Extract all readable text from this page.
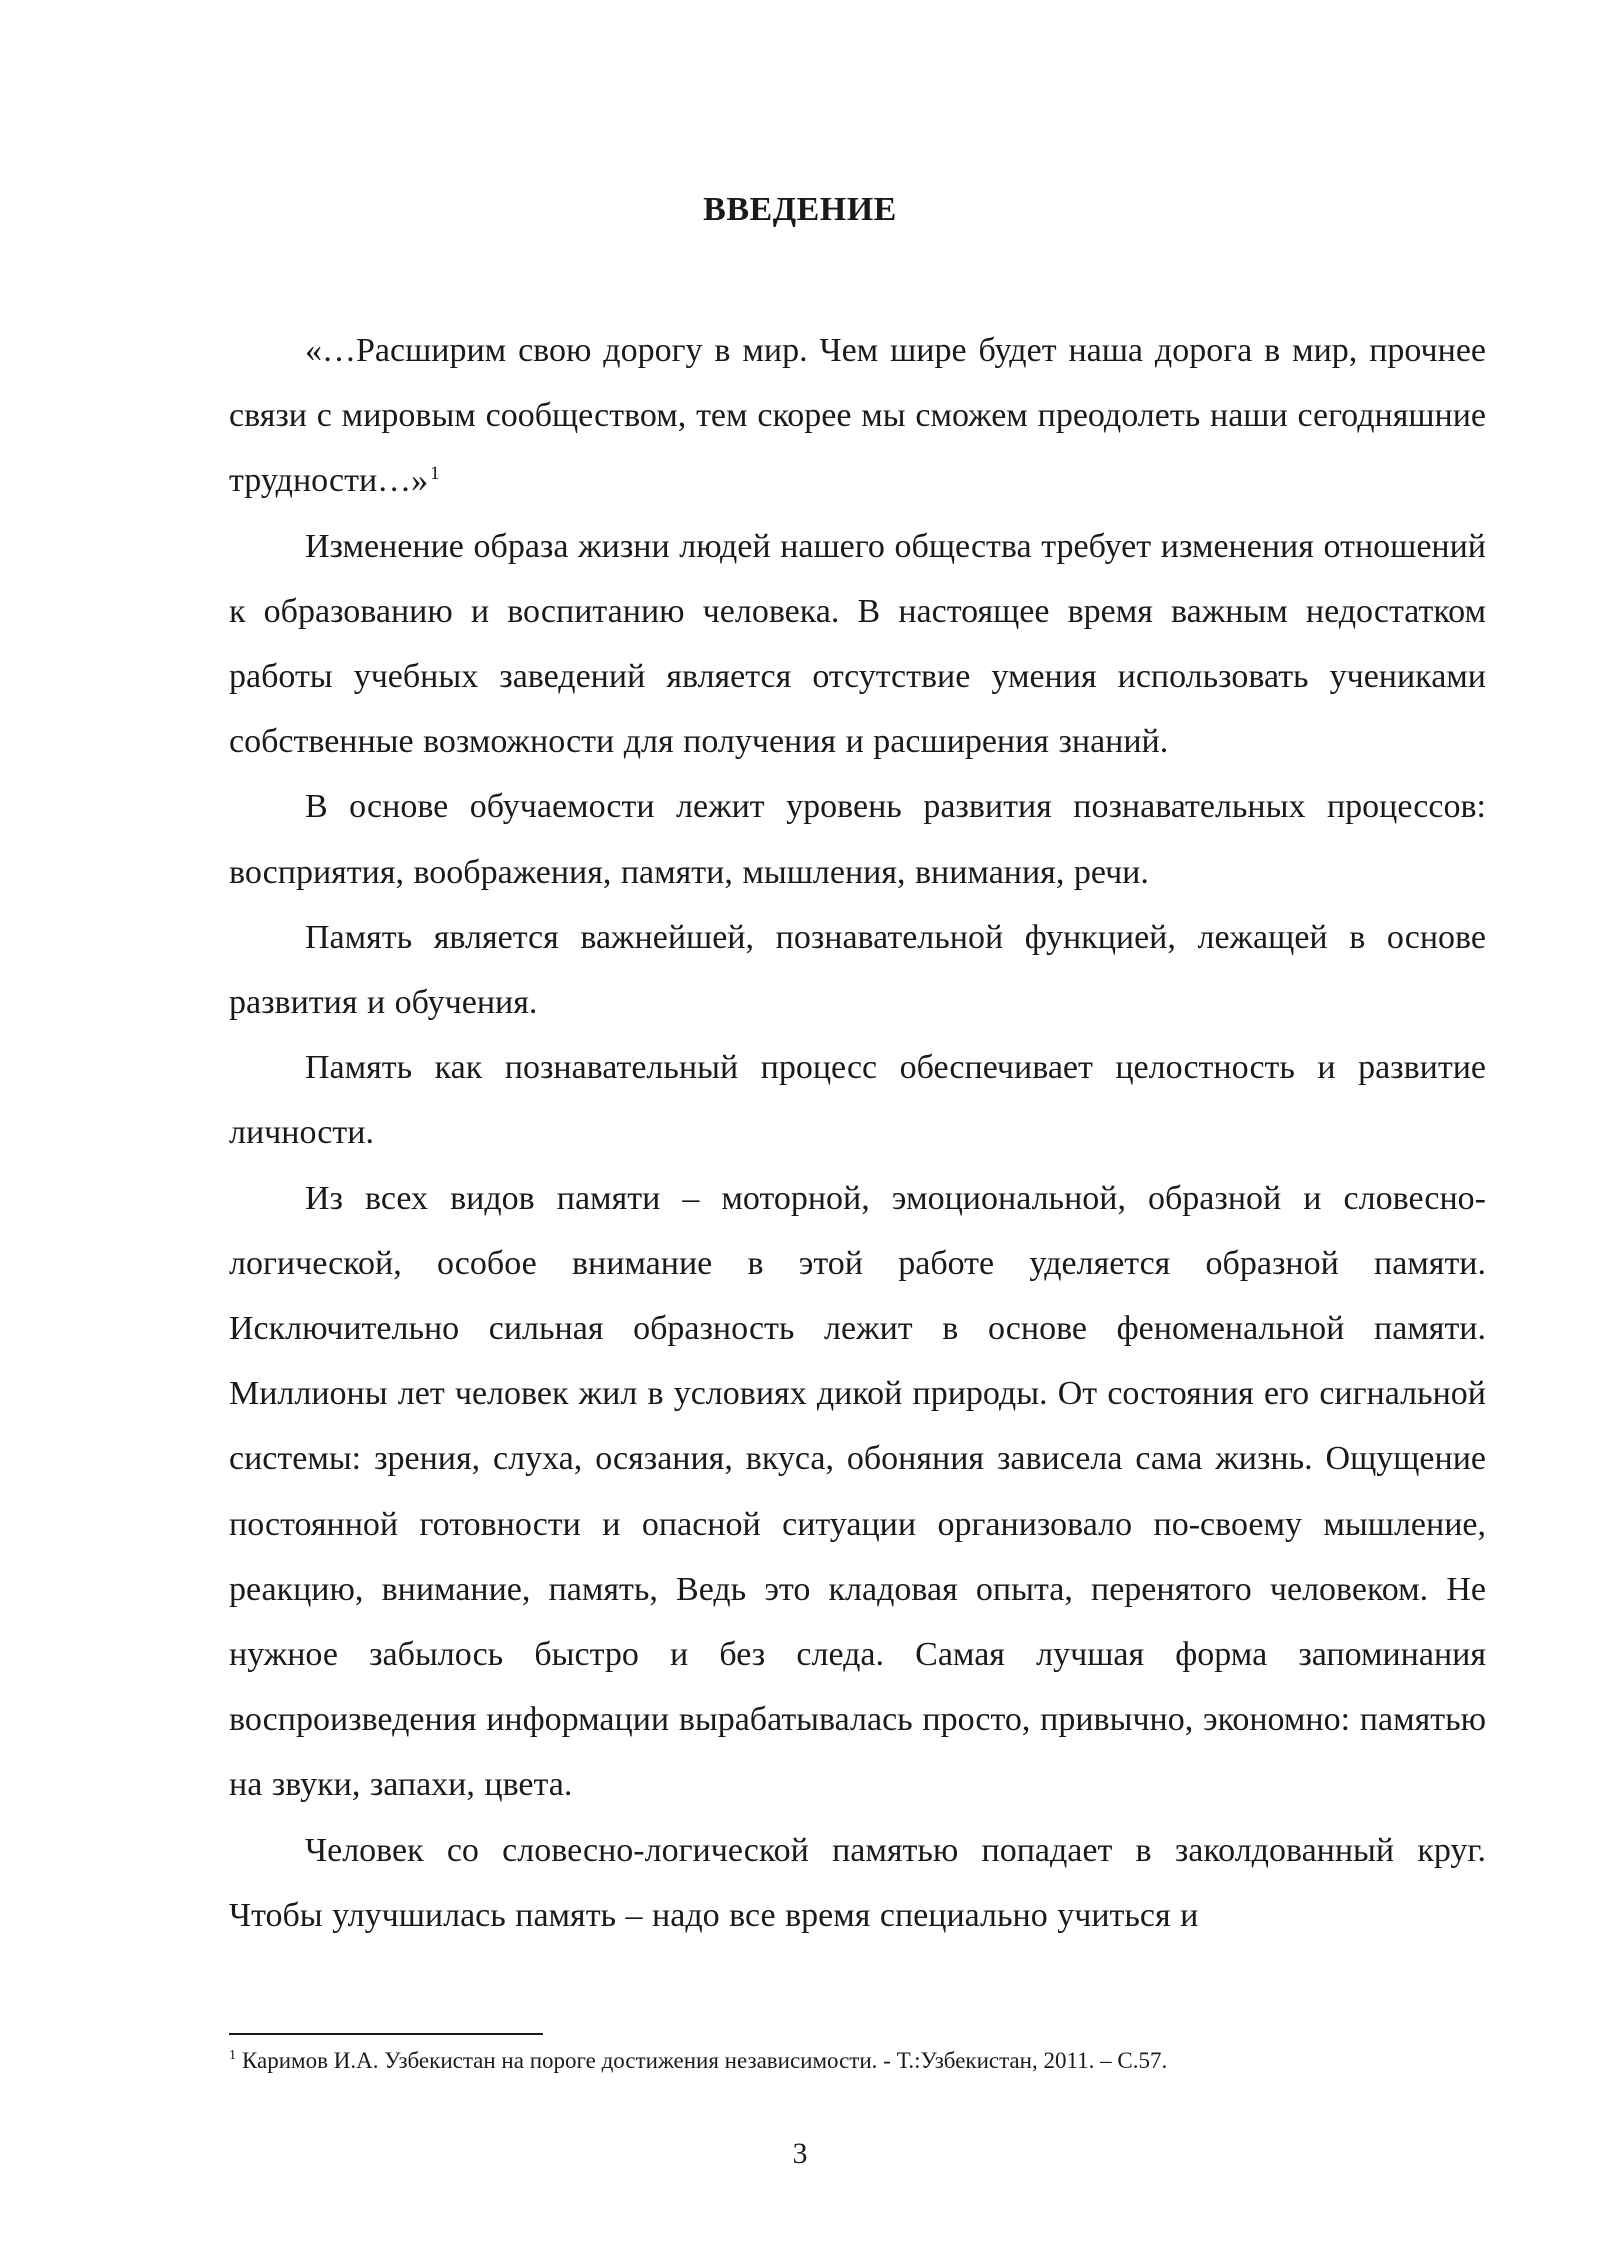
ВВЕДЕНИЕ

«…Расширим свою дорогу в мир. Чем шире будет наша дорога в мир, прочнее связи с мировым сообществом, тем скорее мы сможем преодолеть наши сегодняшние трудности…» $^1$

Изменение образа жизни людей нашего общества требует изменения отношений к образованию и воспитанию человека. В настоящее время важным недостатком работы учебных заведений является отсутствие умения использовать учениками собственные возможности для получения и расширения знаний.

В основе обучаемости лежит уровень развития познавательных процессов: восприятия, воображения, памяти, мышления, внимания, речи.

Память является важнейшей, познавательной функцией, лежащей в основе развития и обучения.

Память как познавательный процесс обеспечивает целостность и развитие личности.

Из всех видов памяти – моторной, эмоциональной, образной и словесно-логической, особое внимание в этой работе уделяется образной памяти. Исключительно сильная образность лежит в основе феноменальной памяти. Миллионы лет человек жил в условиях дикой природы. От состояния его сигнальной системы: зрения, слуха, осязания, вкуса, обоняния зависела сама жизнь. Ощущение постоянной готовности и опасной ситуации организовало по-своему мышление, реакцию, внимание, память, Ведь это кладовая опыта, перенятого человеком. Не нужное забылось быстро и без следа. Самая лучшая форма запоминания воспроизведения информации вырабатывалась просто, привычно, экономно: памятью на звуки, запахи, цвета.

Человек со словесно-логической памятью попадает в заколдованный круг. Чтобы улучшилась память – надо все время специально учиться и

$^1$ Каримов И.А. Узбекистан на пороге достижения независимости. - Т.:Узбекистан, 2011. – С.57.
3
